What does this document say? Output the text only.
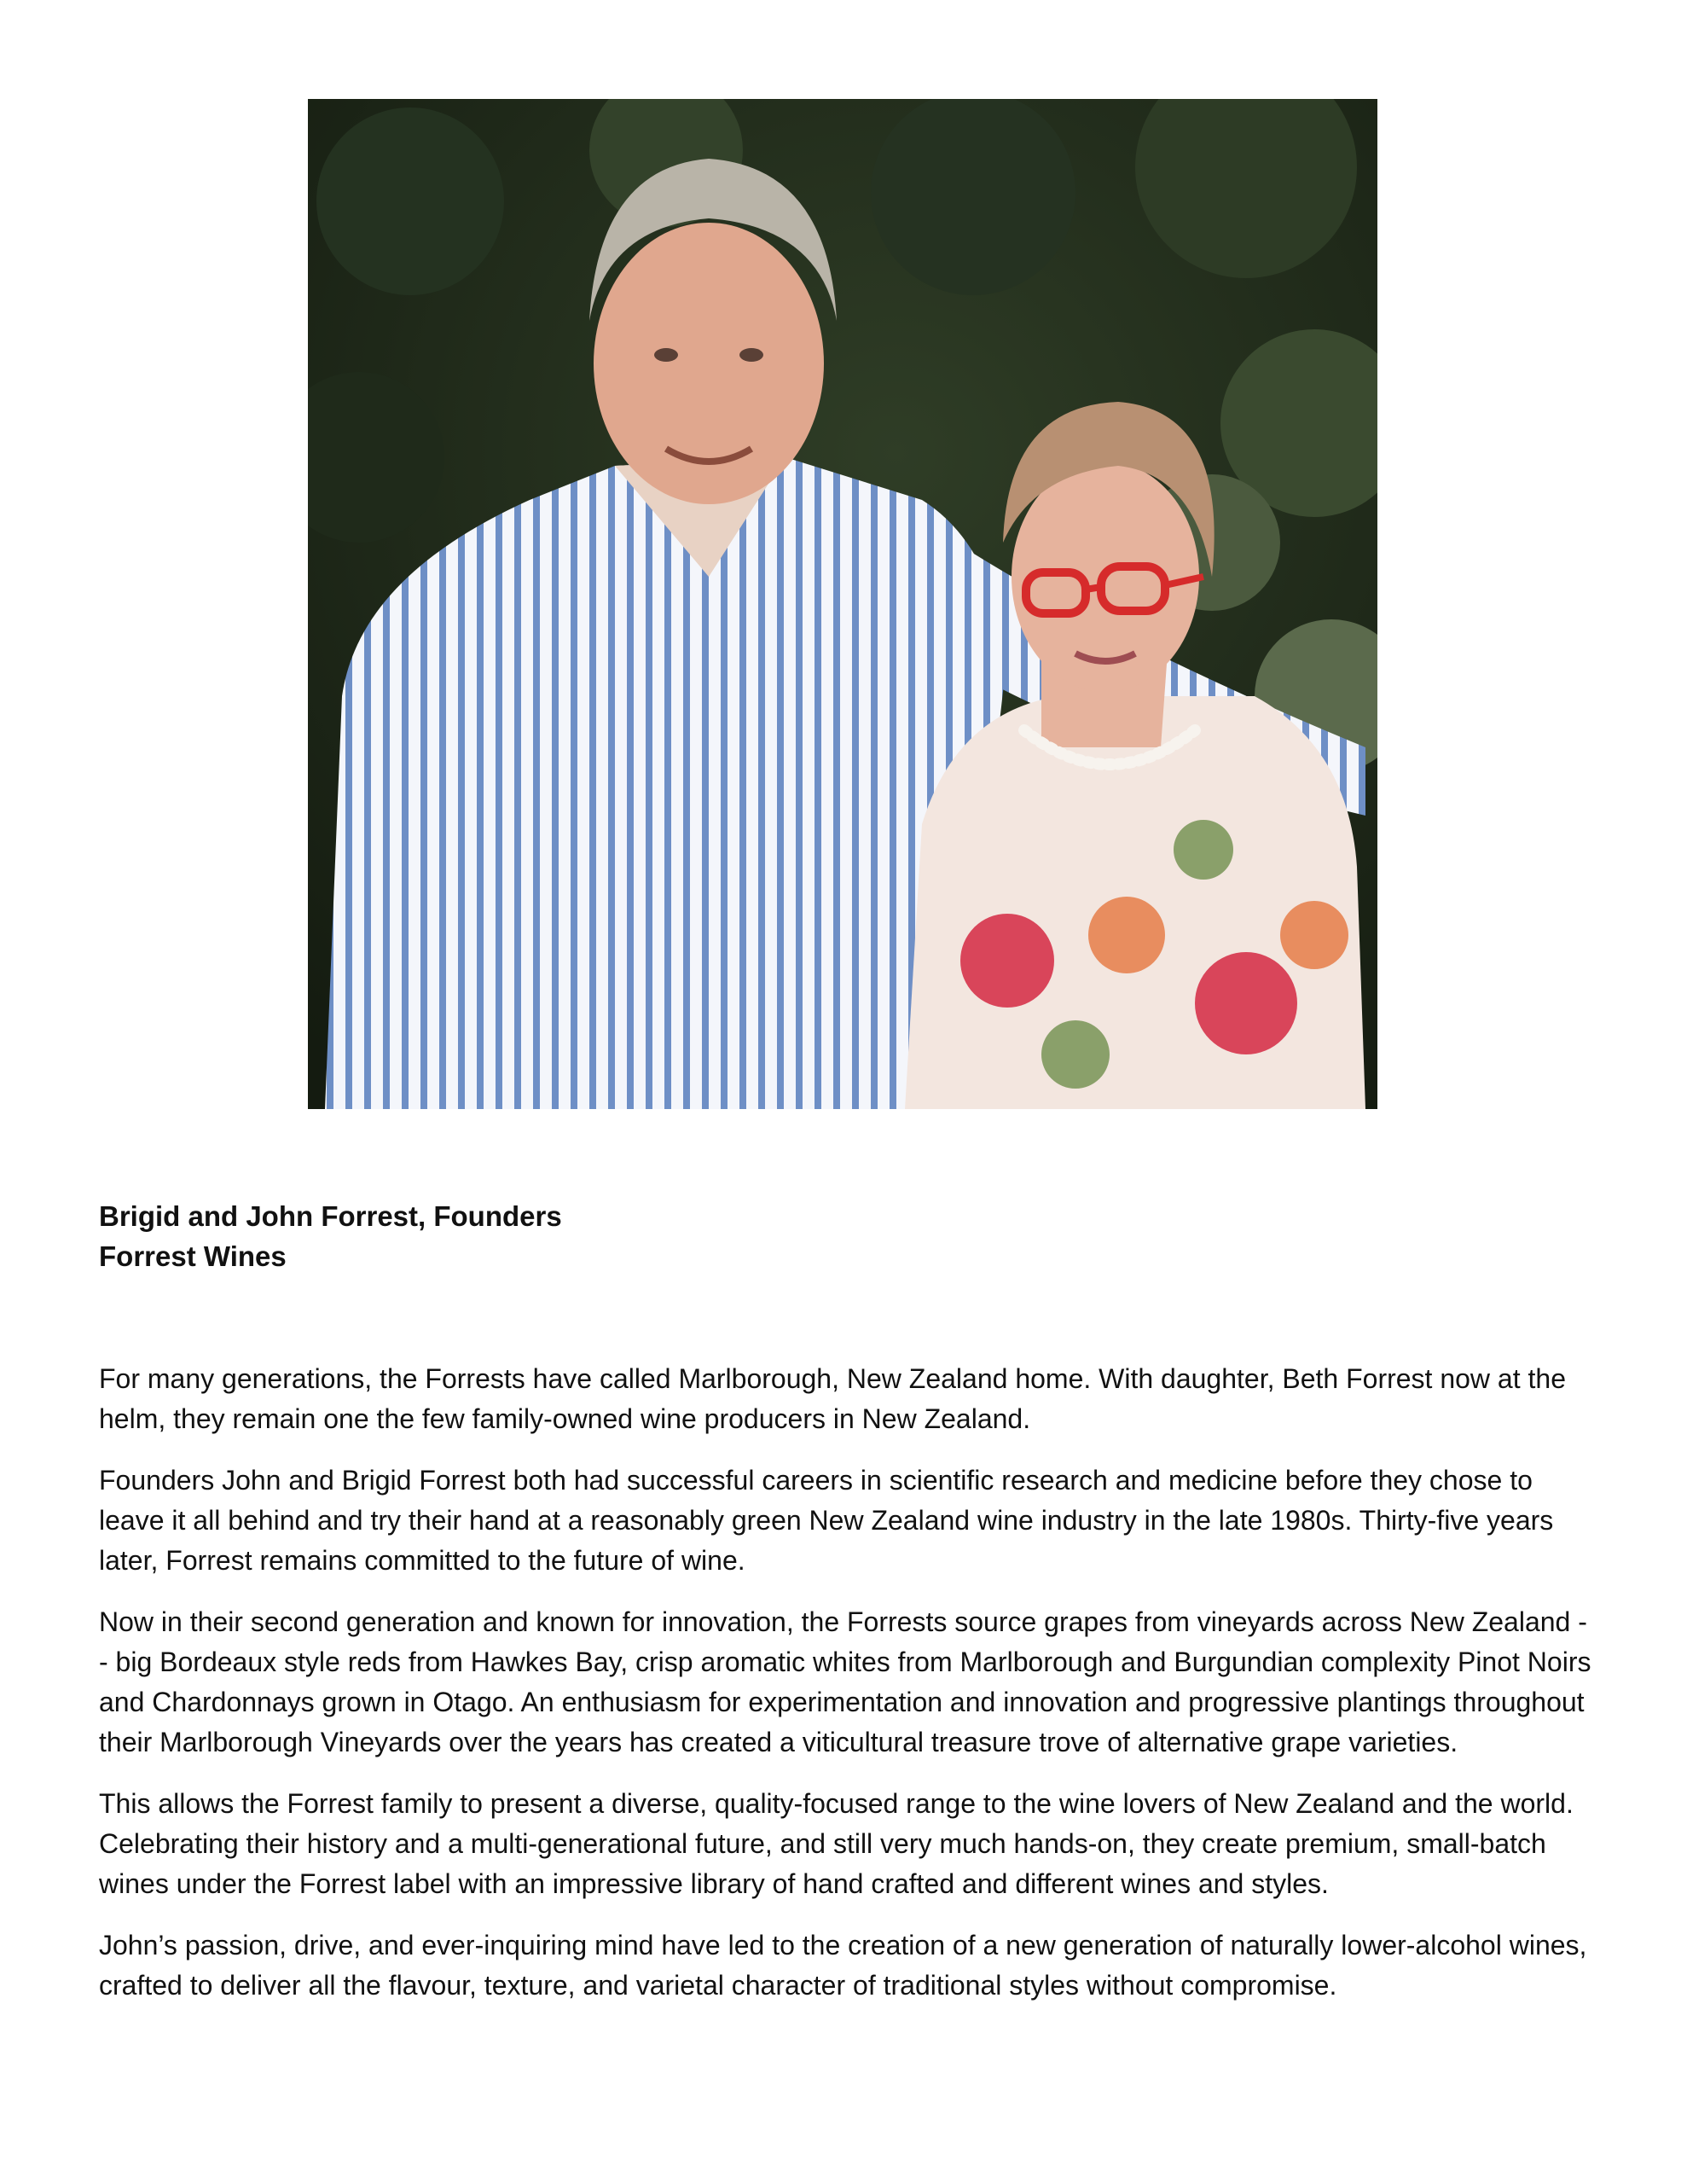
Brigid and John Forrest, Founders
Forrest Wines

For many generations, the Forrests have called Marlborough, New Zealand home. With daughter, Beth Forrest now at the helm, they remain one the few family-owned wine producers in New Zealand.

Founders John and Brigid Forrest both had successful careers in scientific research and medicine before they chose to leave it all behind and try their hand at a reasonably green New Zealand wine industry in the late 1980s. Thirty-five years later, Forrest remains committed to the future of wine.

Now in their second generation and known for innovation, the Forrests source grapes from vineyards across New Zealand -- big Bordeaux style reds from Hawkes Bay, crisp aromatic whites from Marlborough and Burgundian complexity Pinot Noirs and Chardonnays grown in Otago. An enthusiasm for experimentation and innovation and progressive plantings throughout their Marlborough Vineyards over the years has created a viticultural treasure trove of alternative grape varieties.

This allows the Forrest family to present a diverse, quality-focused range to the wine lovers of New Zealand and the world. Celebrating their history and a multi-generational future, and still very much hands-on, they create premium, small-batch wines under the Forrest label with an impressive library of hand crafted and different wines and styles.

John’s passion, drive, and ever-inquiring mind have led to the creation of a new generation of naturally lower-alcohol wines, crafted to deliver all the flavour, texture, and varietal character of traditional styles without compromise.
